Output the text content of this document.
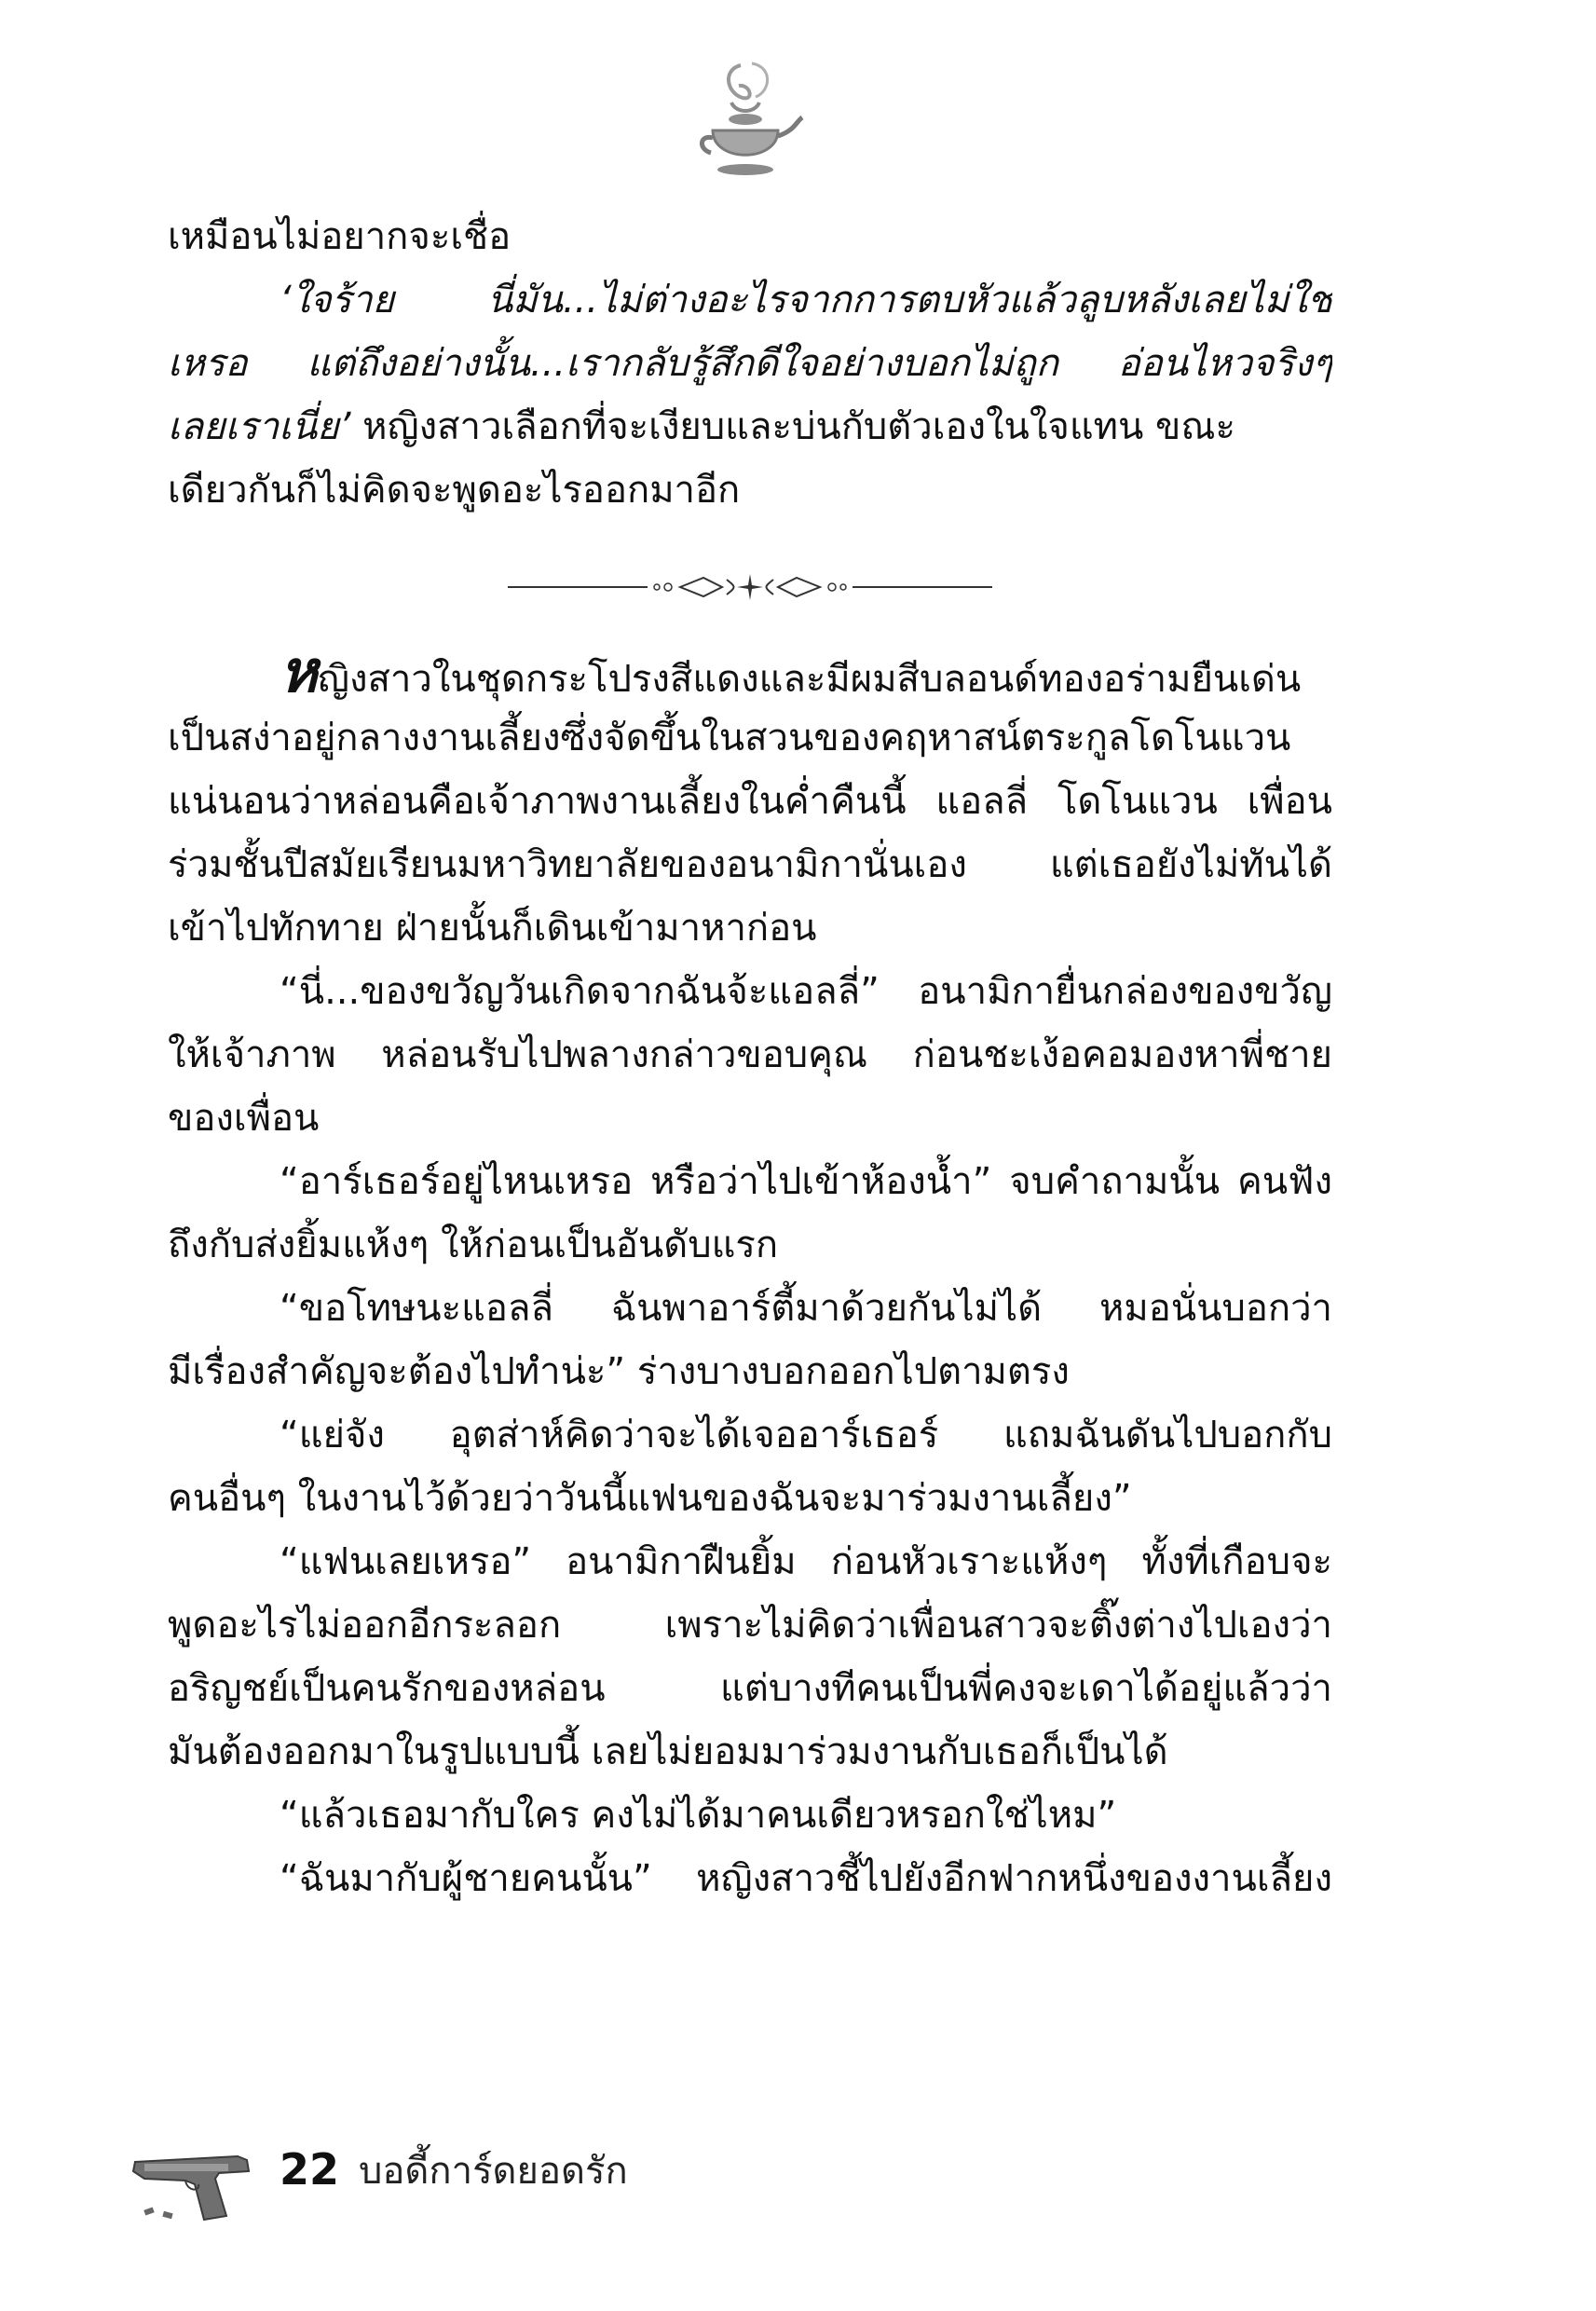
เหมือนไม่อยากจะเชื่อ
‘ใจร้าย นี่มัน...ไม่ต่างอะไรจากการตบหัวแล้วลูบหลังเลยไม่ใช่
เหรอ แต่ถึงอย่างนั้น...เรากลับรู้สึกดีใจอย่างบอกไม่ถูก อ่อนไหวจริงๆ
เลยเราเนี่ย’ หญิงสาวเลือกที่จะเงียบและบ่นกับตัวเองในใจแทน ขณะ
เดียวกันก็ไม่คิดจะพูดอะไรออกมาอีก
หญิงสาวในชุดกระโปรงสีแดงและมีผมสีบลอนด์ทองอร่ามยืนเด่น
เป็นสง่าอยู่กลางงานเลี้ยงซึ่งจัดขึ้นในสวนของคฤหาสน์ตระกูลโดโนแวน
แน่นอนว่าหล่อนคือเจ้าภาพงานเลี้ยงในค่ำคืนนี้ แอลลี่ โดโนแวน เพื่อน
ร่วมชั้นปีสมัยเรียนมหาวิทยาลัยของอนามิกานั่นเอง แต่เธอยังไม่ทันได้
เข้าไปทักทาย ฝ่ายนั้นก็เดินเข้ามาหาก่อน
“นี่...ของขวัญวันเกิดจากฉันจ้ะแอลลี่” อนามิกายื่นกล่องของขวัญ
ให้เจ้าภาพ หล่อนรับไปพลางกล่าวขอบคุณ ก่อนชะเง้อคอมองหาพี่ชาย
ของเพื่อน
“อาร์เธอร์อยู่ไหนเหรอ หรือว่าไปเข้าห้องน้ำ” จบคำถามนั้น คนฟัง
ถึงกับส่งยิ้มแห้งๆ ให้ก่อนเป็นอันดับแรก
“ขอโทษนะแอลลี่ ฉันพาอาร์ตี้มาด้วยกันไม่ได้ หมอนั่นบอกว่า
มีเรื่องสำคัญจะต้องไปทำน่ะ” ร่างบางบอกออกไปตามตรง
“แย่จัง อุตส่าห์คิดว่าจะได้เจออาร์เธอร์ แถมฉันดันไปบอกกับ
คนอื่นๆ ในงานไว้ด้วยว่าวันนี้แฟนของฉันจะมาร่วมงานเลี้ยง”
“แฟนเลยเหรอ” อนามิกาฝืนยิ้ม ก่อนหัวเราะแห้งๆ ทั้งที่เกือบจะ
พูดอะไรไม่ออกอีกระลอก เพราะไม่คิดว่าเพื่อนสาวจะติ๊งต่างไปเองว่า
อริญชย์เป็นคนรักของหล่อน แต่บางทีคนเป็นพี่คงจะเดาได้อยู่แล้วว่า
มันต้องออกมาในรูปแบบนี้ เลยไม่ยอมมาร่วมงานกับเธอก็เป็นได้
“แล้วเธอมากับใคร คงไม่ได้มาคนเดียวหรอกใช่ไหม”
“ฉันมากับผู้ชายคนนั้น” หญิงสาวชี้ไปยังอีกฟากหนึ่งของงานเลี้ยง
22 บอดี้การ์ดยอดรัก
